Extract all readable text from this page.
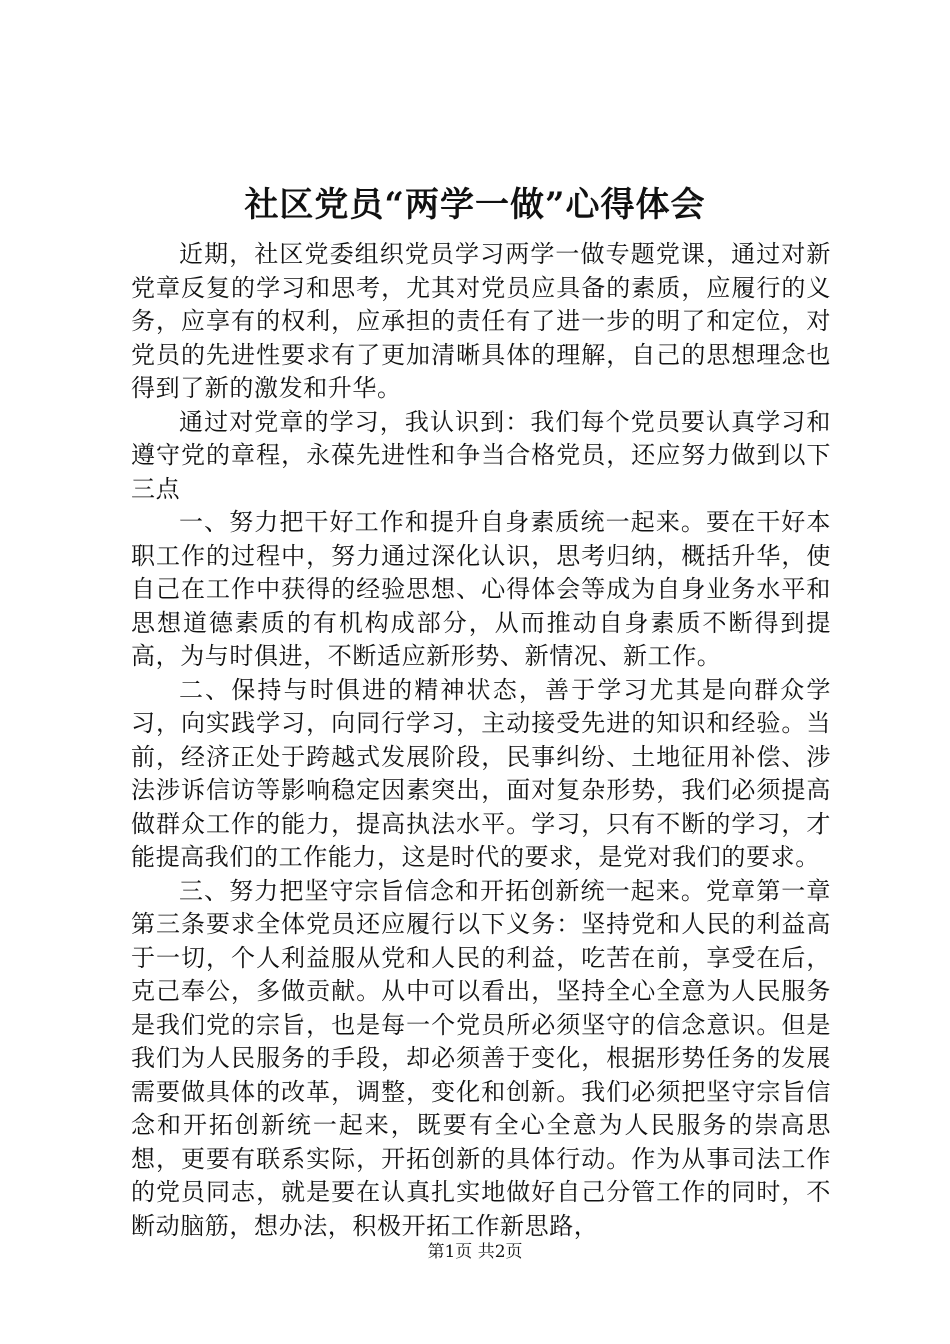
社区党员“两学一做”心得体会

近期，社区党委组织党员学习两学一做专题党课，通过对新党章反复的学习和思考，尤其对党员应具备的素质，应履行的义务，应享有的权利，应承担的责任有了进一步的明了和定位，对党员的先进性要求有了更加清晰具体的理解，自己的思想理念也得到了新的激发和升华。

通过对党章的学习，我认识到：我们每个党员要认真学习和遵守党的章程，永葆先进性和争当合格党员，还应努力做到以下三点

一、努力把干好工作和提升自身素质统一起来。要在干好本职工作的过程中，努力通过深化认识，思考归纳，概括升华，使自己在工作中获得的经验思想、心得体会等成为自身业务水平和思想道德素质的有机构成部分，从而推动自身素质不断得到提高，为与时俱进，不断适应新形势、新情况、新工作。

二、保持与时俱进的精神状态，善于学习尤其是向群众学习，向实践学习，向同行学习，主动接受先进的知识和经验。当前，经济正处于跨越式发展阶段，民事纠纷、土地征用补偿、涉法涉诉信访等影响稳定因素突出，面对复杂形势，我们必须提高做群众工作的能力，提高执法水平。学习，只有不断的学习，才能提高我们的工作能力，这是时代的要求，是党对我们的要求。

三、努力把坚守宗旨信念和开拓创新统一起来。党章第一章第三条要求全体党员还应履行以下义务：坚持党和人民的利益高于一切，个人利益服从党和人民的利益，吃苦在前，享受在后，克己奉公，多做贡献。从中可以看出，坚持全心全意为人民服务是我们党的宗旨，也是每一个党员所必须坚守的信念意识。但是我们为人民服务的手段，却必须善于变化，根据形势任务的发展需要做具体的改革，调整，变化和创新。我们必须把坚守宗旨信念和开拓创新统一起来，既要有全心全意为人民服务的崇高思想，更要有联系实际，开拓创新的具体行动。作为从事司法工作的党员同志，就是要在认真扎实地做好自己分管工作的同时，不断动脑筋，想办法，积极开拓工作新思路，

第1页 共2页
